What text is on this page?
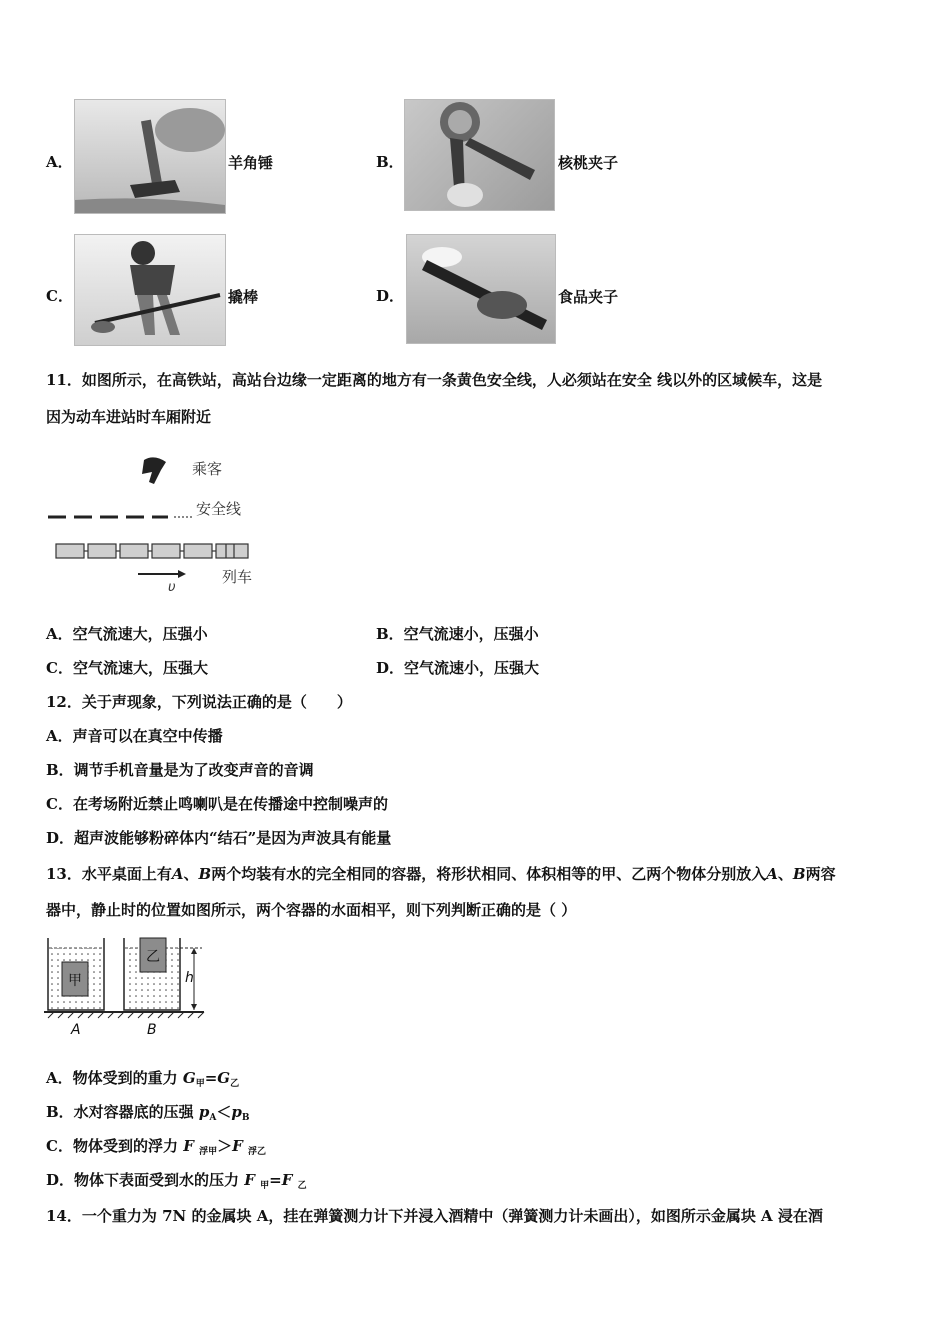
A．	羊角锤	B．	核桃夹子
C．	撬棒	D．	食品夹子
11．如图所示，在高铁站，高站台边缘一定距离的地方有一条黄色安全线，人必须站在安全 线以外的区域候车，这是
因为动车进站时车厢附近
乘客
安全线
列车
υ
A．空气流速大，压强小	B．空气流速小，压强小
C．空气流速大，压强大	D．空气流速小，压强大
12．关于声现象，下列说法正确的是（　　）
A．声音可以在真空中传播
B．调节手机音量是为了改变声音的音调
C．在考场附近禁止鸣喇叭是在传播途中控制噪声的
D．超声波能够粉碎体内“结石”是因为声波具有能量
13．水平桌面上有A、B两个均装有水的完全相同的容器，将形状相同、体积相等的甲、乙两个物体分别放入A、B两容
器中，静止时的位置如图所示，两个容器的水面相平，则下列判断正确的是（ ）
甲
乙
h
A	B
A．物体受到的重力 $G_甲=G_乙$
B．水对容器底的压强 $p_A<p_B$
C．物体受到的浮力 F $_{浮甲}$＞F $_{浮乙}$
D．物体下表面受到水的压力 F $_甲$=F $_乙$
14．一个重力为 7N 的金属块 A，挂在弹簧测力计下并浸入酒精中（弹簧测力计未画出），如图所示金属块 A 浸在酒
